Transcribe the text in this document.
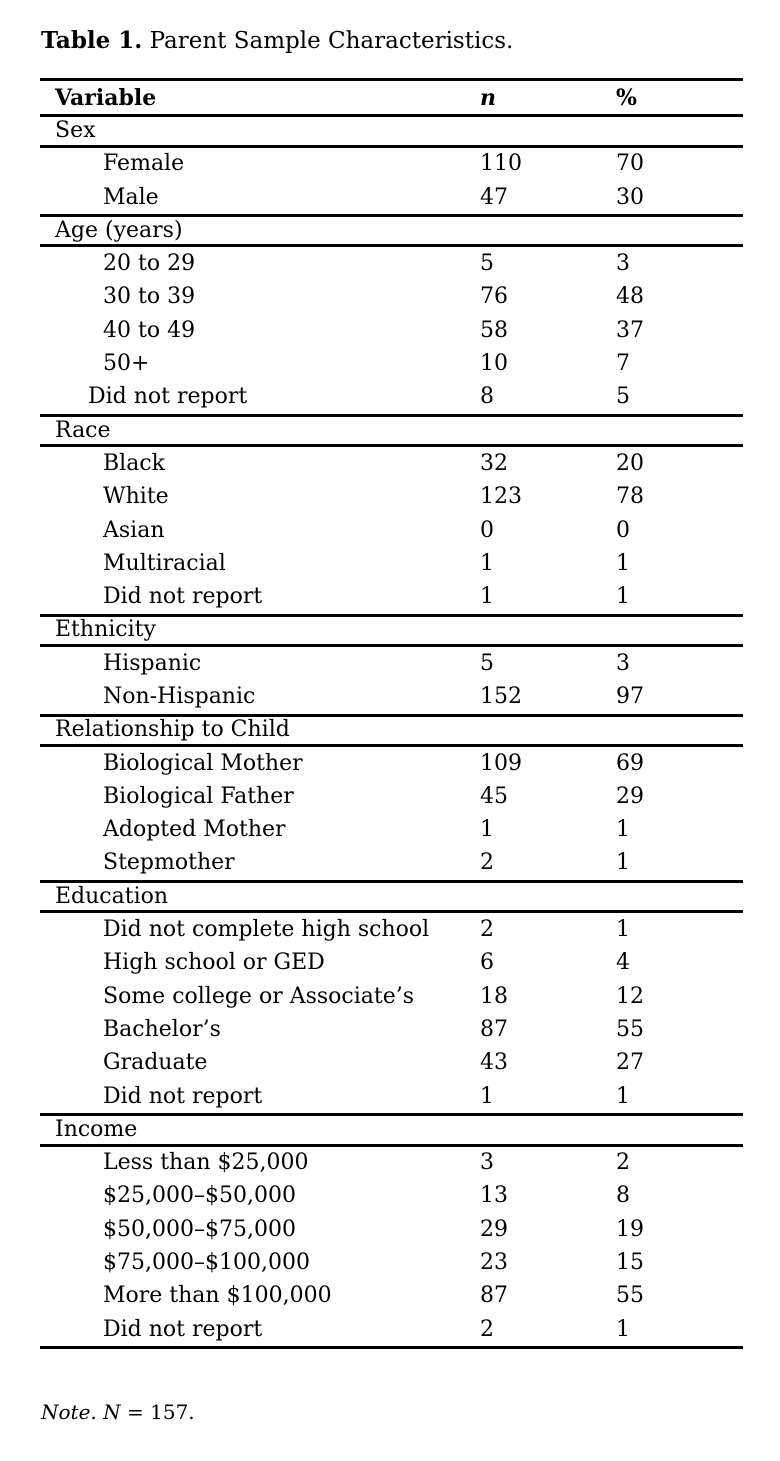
Table 1. Parent Sample Characteristics.
Variable	n	%
Sex
Female	110	70
Male	47	30
Age (years)
20 to 29	5	3
30 to 39	76	48
40 to 49	58	37
50+	10	7
Did not report	8	5
Race
Black	32	20
White	123	78
Asian	0	0
Multiracial	1	1
Did not report	1	1
Ethnicity
Hispanic	5	3
Non-Hispanic	152	97
Relationship to Child
Biological Mother	109	69
Biological Father	45	29
Adopted Mother	1	1
Stepmother	2	1
Education
Did not complete high school	2	1
High school or GED	6	4
Some college or Associate’s	18	12
Bachelor’s	87	55
Graduate	43	27
Did not report	1	1
Income
Less than $25,000	3	2
$25,000–$50,000	13	8
$50,000–$75,000	29	19
$75,000–$100,000	23	15
More than $100,000	87	55
Did not report	2	1
Note. N = 157.
